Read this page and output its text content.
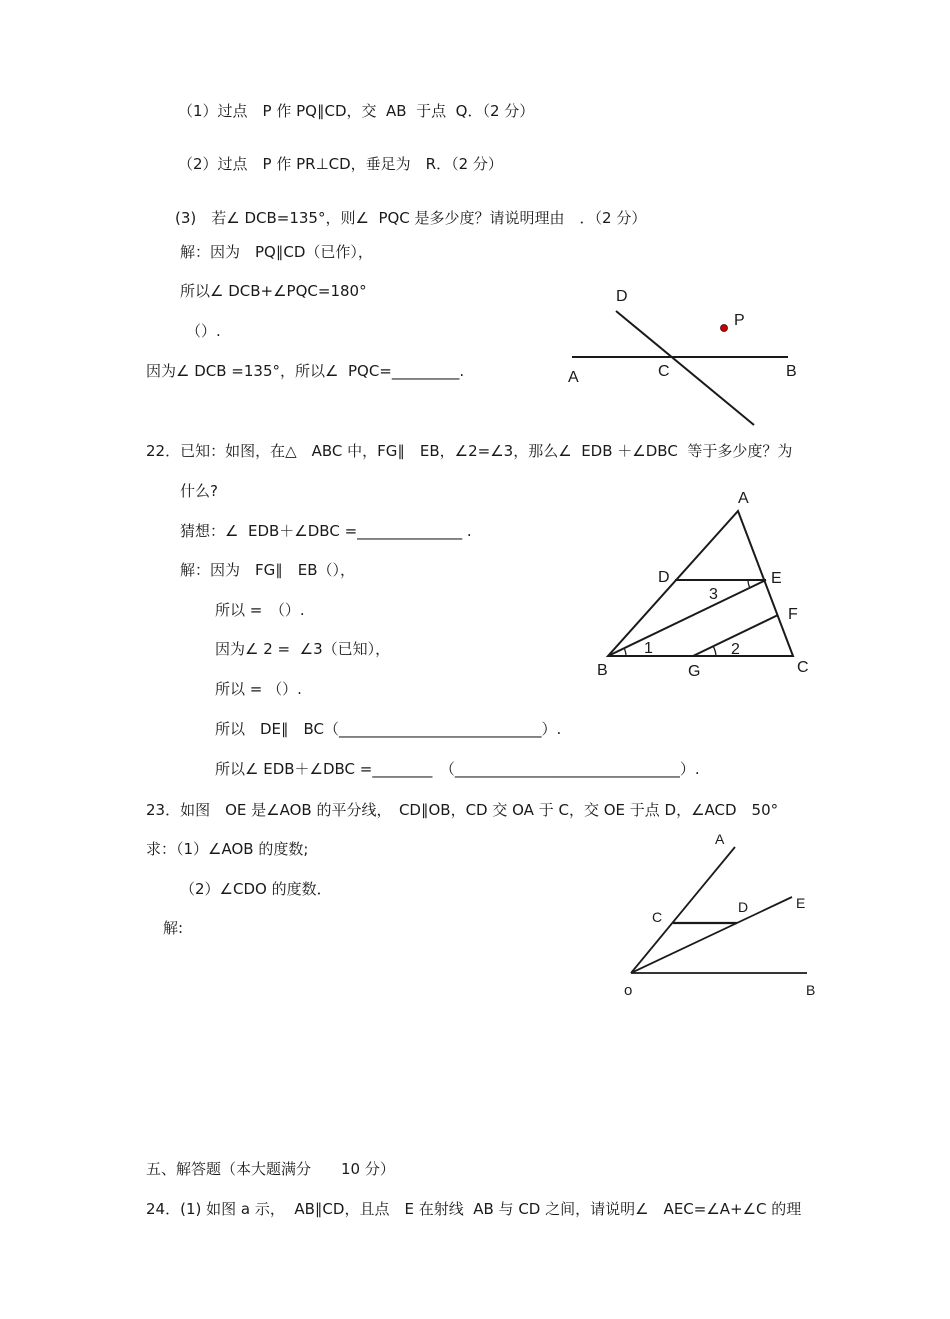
（1）过点　P 作 PQ∥CD，交  AB  于点  Q．（2 分）
（2）过点　P 作 PR⊥CD，垂足为　R．（2 分）
(3)　若∠ DCB=135°，则∠  PQC 是多少度？请说明理由　．（2 分）
解：因为　PQ∥CD（已作），
所以∠ DCB+∠PQC=180°
（）.
因为∠ DCB =135°，所以∠  PQC=_________.
D
P
A	C	B
22．已知：如图，在△　ABC 中，FG∥　EB，∠2=∠3，那么∠  EDB ＋∠DBC  等于多少度？为
什么?
猜想：∠  EDB＋∠DBC =______________ .
解：因为　FG∥　EB（），
所以 =　（）.
因为∠ 2 =  ∠3（已知），
所以 = （）.
所以　DE∥　BC（___________________________）.
所以∠ EDB＋∠DBC =________　（______________________________）.
A
D	E
F
B	G	C
1	2
3
23．如图　OE 是∠AOB 的平分线，　CD∥OB，CD 交 OA 于 C，交 OE 于点 D，∠ACD　50°
求：（1）∠AOB 的度数;
（2）∠CDO 的度数．
解:
A
C
D	E
o	B
五、解答题（本大题满分　　10 分）
24．(1) 如图 a 示，  AB∥CD，且点　E 在射线  AB 与 CD 之间，请说明∠　AEC=∠A+∠C 的理
